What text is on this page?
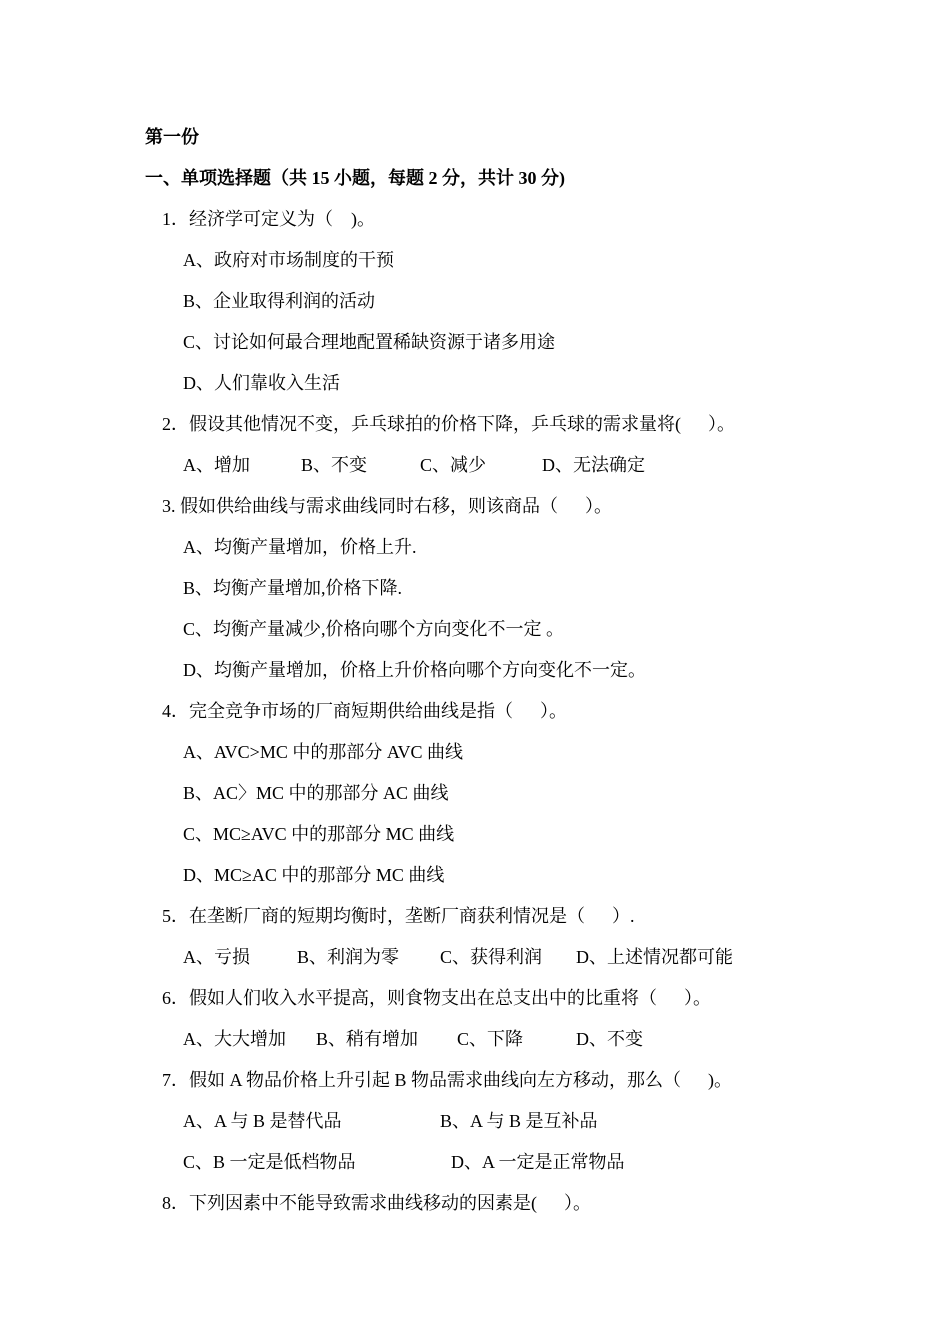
第一份
一、单项选择题（共 15 小题，每题 2 分，共计 30 分)
1．经济学可定义为（    )。
A、政府对市场制度的干预
B、企业取得利润的活动
C、讨论如何最合理地配置稀缺资源于诸多用途
D、人们靠收入生活
2．假设其他情况不变，乒乓球拍的价格下降，乒乓球的需求量将(      ）。
A、增加	B、不变	C、减少	D、无法确定
3. 假如供给曲线与需求曲线同时右移，则该商品（      ）。
A、均衡产量增加，价格上升.
B、均衡产量增加,价格下降.
C、均衡产量减少,价格向哪个方向变化不一定 。
D、均衡产量增加，价格上升价格向哪个方向变化不一定。
4．完全竞争市场的厂商短期供给曲线是指（      ）。
A、AVC>MC 中的那部分 AVC 曲线
B、AC〉MC 中的那部分 AC 曲线
C、MC≥AVC 中的那部分 MC 曲线
D、MC≥AC 中的那部分 MC 曲线
5．在垄断厂商的短期均衡时，垄断厂商获利情况是（      ）.
A、亏损	B、利润为零 C、获得利润 D、上述情况都可能
6．假如人们收入水平提高，则食物支出在总支出中的比重将（      ）。
A、大大增加 B、稍有增加 C、下降	D、不变
7．假如 A 物品价格上升引起 B 物品需求曲线向左方移动，那么（      )。
A、A 与 B 是替代品	B、A 与 B 是互补品
C、B 一定是低档物品	D、A 一定是正常物品
8．下列因素中不能导致需求曲线移动的因素是(      ）。
